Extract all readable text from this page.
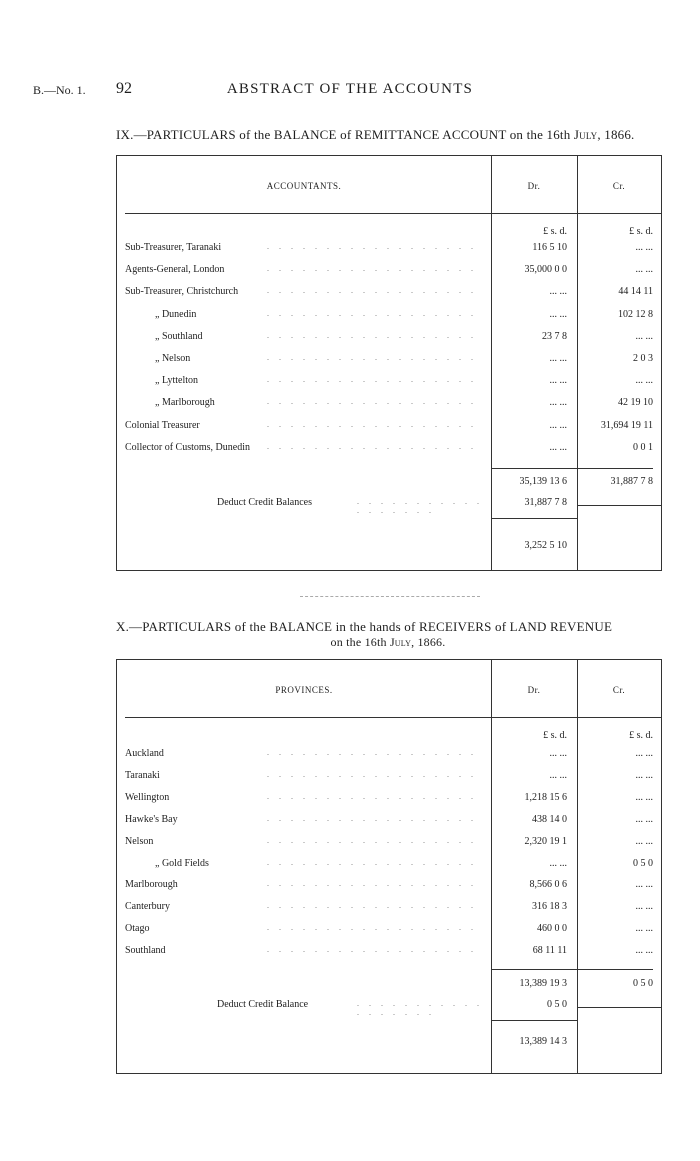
B.—No. 1. 92	ABSTRACT OF THE ACCOUNTS
IX.—PARTICULARS of the BALANCE of REMITTANCE ACCOUNT on the 16th July, 1866.
ACCOUNTANTS.	Dr.	Cr.
£ s. d.	£ s. d.
Sub-Treasurer, Taranaki	. . . . . . . . . . . . . . . . . .	116 5 10	... ...
Agents-General, London	. . . . . . . . . . . . . . . . . .	35,000 0 0	... ...
Sub-Treasurer, Christchurch	. . . . . . . . . . . . . . . . . .	... ...	44 14 11
„ Dunedin	. . . . . . . . . . . . . . . . . .	... ...	102 12 8
„ Southland	. . . . . . . . . . . . . . . . . .	23 7 8	... ...
„ Nelson	. . . . . . . . . . . . . . . . . .	... ...	2 0 3
„ Lyttelton	. . . . . . . . . . . . . . . . . .	... ...	... ...
„ Marlborough	. . . . . . . . . . . . . . . . . .	... ...	42 19 10
Colonial Treasurer	. . . . . . . . . . . . . . . . . .	... ...	31,694 19 11
Collector of Customs, Dunedin . . . . . . . . . . . . . . . . . .	... ...	0 0 1
35,139 13 6	31,887 7 8
Deduct Credit Balances	. . . . . . . . . . . . . . . . . .
31,887 7 8
3,252 5 10
X.—PARTICULARS of the BALANCE in the hands of RECEIVERS of LAND REVENUE
on the 16th July, 1866.
PROVINCES.	Dr.	Cr.
£ s. d.	£ s. d.
Auckland	. . . . . . . . . . . . . . . . . .	... ...	... ...
Taranaki	. . . . . . . . . . . . . . . . . .	... ...	... ...
Wellington	. . . . . . . . . . . . . . . . . .	1,218 15 6	... ...
Hawke's Bay	. . . . . . . . . . . . . . . . . .	438 14 0	... ...
Nelson	. . . . . . . . . . . . . . . . . .	2,320 19 1	... ...
„ Gold Fields	. . . . . . . . . . . . . . . . . .	... ...	0 5 0
Marlborough	. . . . . . . . . . . . . . . . . .	8,566 0 6	... ...
Canterbury	. . . . . . . . . . . . . . . . . .	316 18 3	... ...
Otago	. . . . . . . . . . . . . . . . . .	460 0 0	... ...
Southland	. . . . . . . . . . . . . . . . . .	68 11 11	... ...
13,389 19 3	0 5 0
Deduct Credit Balance	. . . . . . . . . . . . . . . . . .
0 5 0
13,389 14 3
